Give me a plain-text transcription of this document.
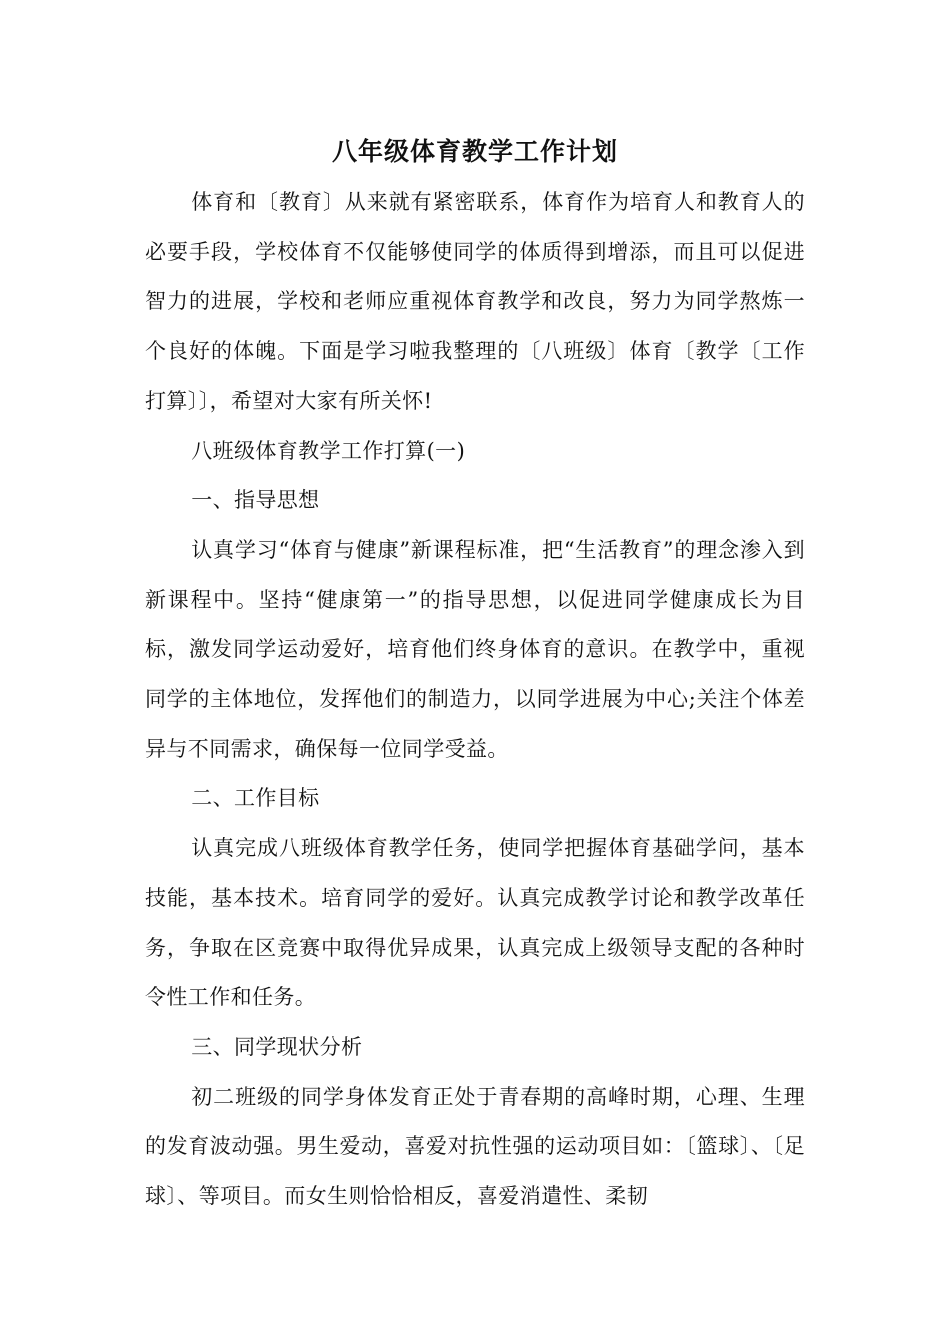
八年级体育教学工作计划

体育和〔教育〕从来就有紧密联系，体育作为培育人和教育人的必要手段，学校体育不仅能够使同学的体质得到增添，而且可以促进智力的进展，学校和老师应重视体育教学和改良，努力为同学熬炼一个良好的体魄。下面是学习啦我整理的〔八班级〕体育〔教学〔工作打算〕〕，希望对大家有所关怀!

八班级体育教学工作打算(一)

一、指导思想

认真学习“体育与健康”新课程标准，把“生活教育”的理念渗入到新课程中。坚持“健康第一”的指导思想，以促进同学健康成长为目标，激发同学运动爱好，培育他们终身体育的意识。在教学中，重视同学的主体地位，发挥他们的制造力，以同学进展为中心;关注个体差异与不同需求，确保每一位同学受益。

二、工作目标

认真完成八班级体育教学任务，使同学把握体育基础学问，基本技能，基本技术。培育同学的爱好。认真完成教学讨论和教学改革任务，争取在区竞赛中取得优异成果，认真完成上级领导支配的各种时令性工作和任务。

三、同学现状分析

初二班级的同学身体发育正处于青春期的高峰时期，心理、生理的发育波动强。男生爱动，喜爱对抗性强的运动项目如：〔篮球〕、〔足球〕、等项目。而女生则恰恰相反，喜爱消遣性、柔韧
